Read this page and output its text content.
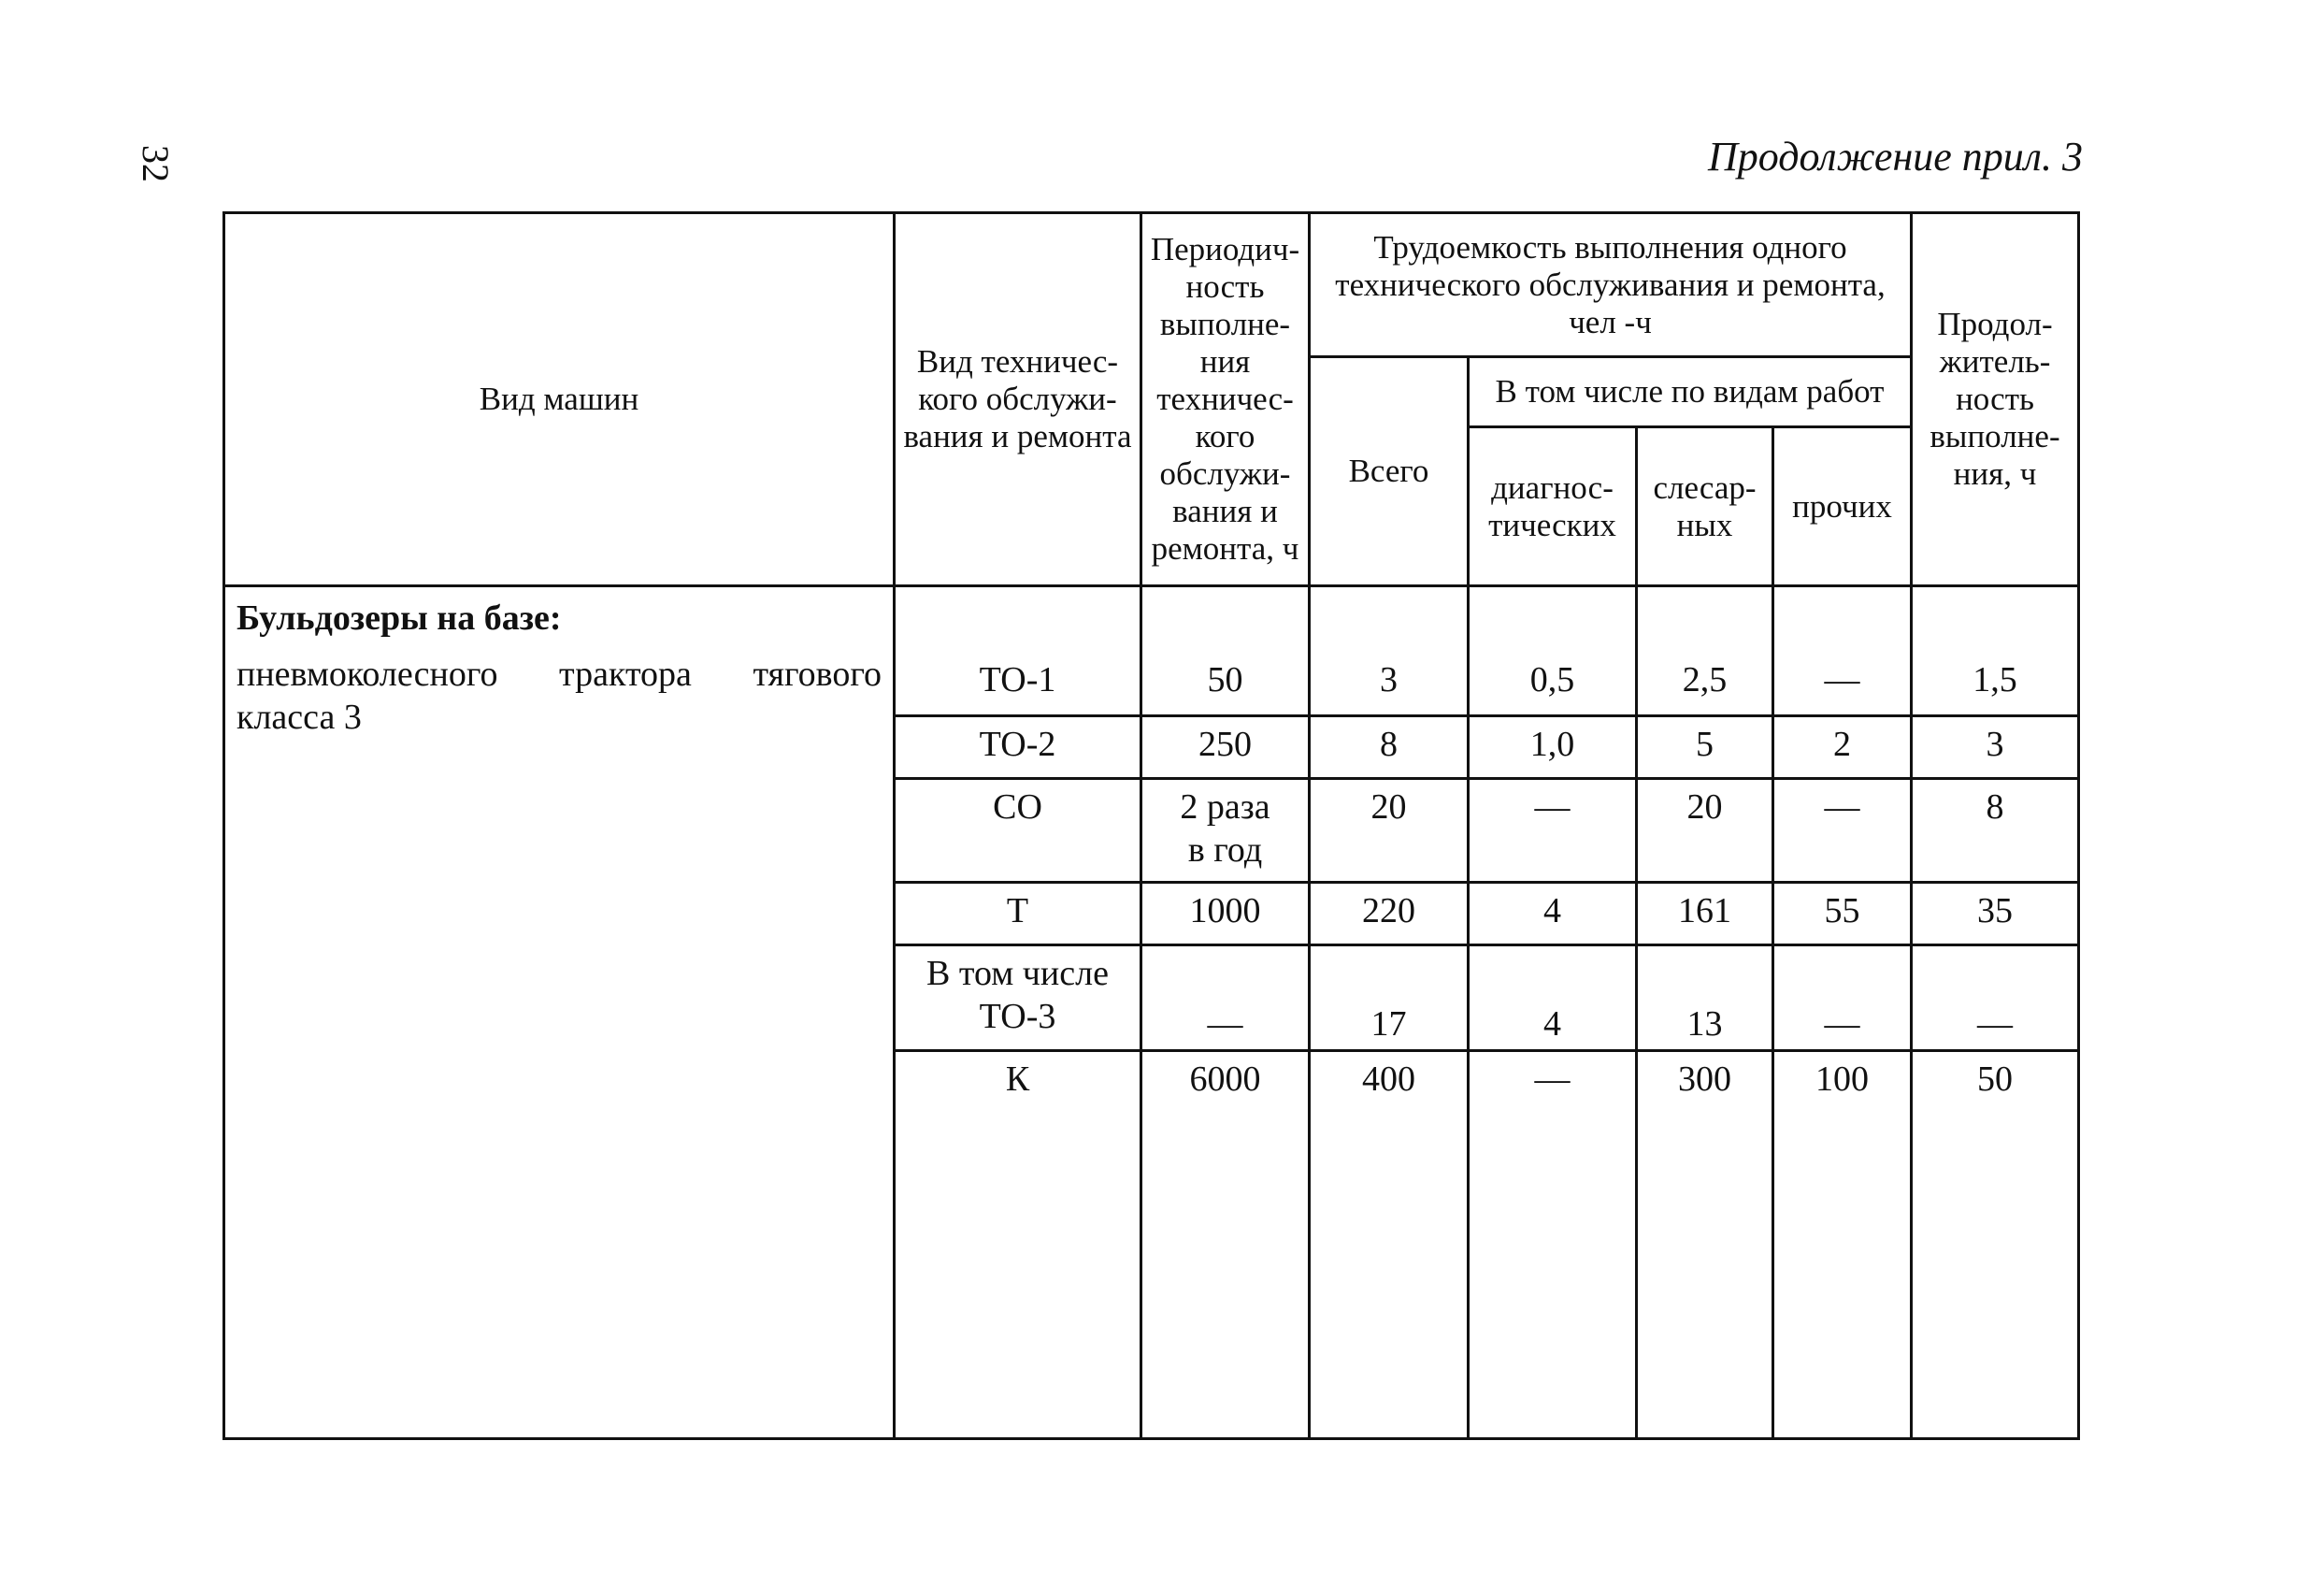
32	Продолжение прил. 3
Вид машин	Вид техничес-кого обслужи-вания и ремонта	Периодич-ность выполне-ния техничес-кого обслужи-вания и ремонта, ч	Трудоемкость выполнения одного технического обслуживания и ремонта, чел -ч				Продол-житель-ность выполне-ния, ч
			Всего	В том числе по видам работ			
				диагнос-тических	слесар-ных	прочих	

Бульдозеры на базе:
пневмоколесного трактора тягового класса 3							

	ТО-1	50	3	0,5	2,5	—	1,5
	ТО-2	250	8	1,0	5	2	3
	СО	2 раза в год	20	—	20	—	8
	Т	1000	220	4	161	55	35
	В том числе ТО-3	—	17	4	13	—	—
	К	6000	400	—	300	100	50
